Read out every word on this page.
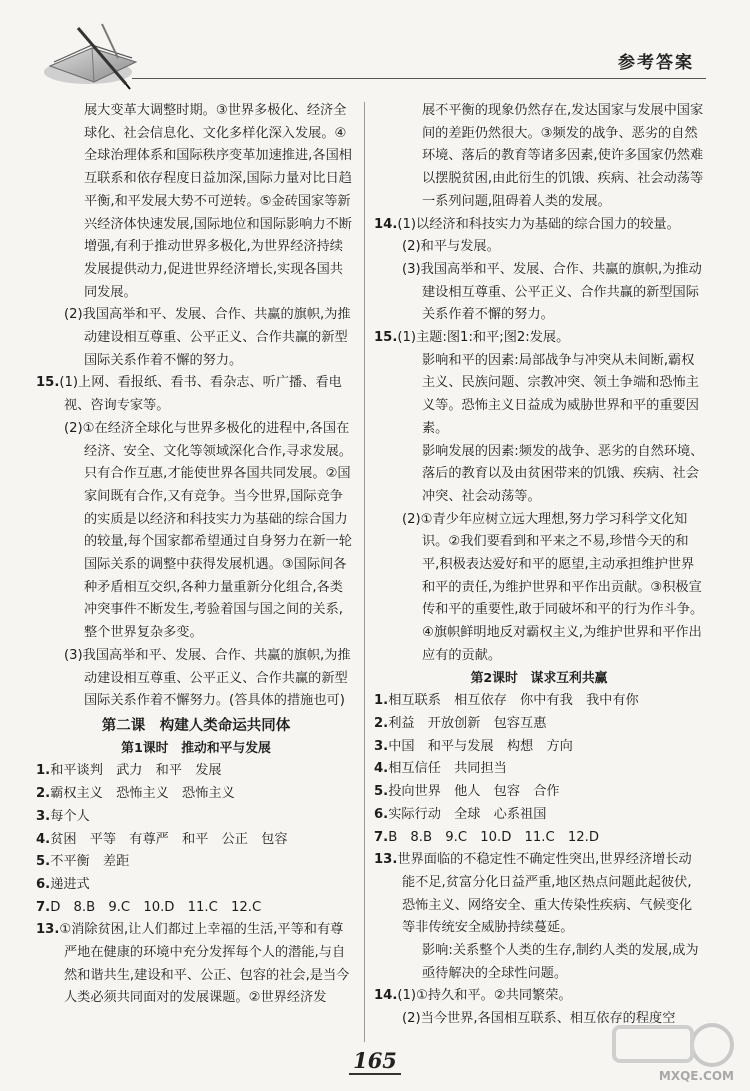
参考答案
展大变革大调整时期。③世界多极化、经济全球化、社会信息化、文化多样化深入发展。④全球治理体系和国际秩序变革加速推进,各国相互联系和依存程度日益加深,国际力量对比日趋平衡,和平发展大势不可逆转。⑤金砖国家等新兴经济体快速发展,国际地位和国际影响力不断增强,有利于推动世界多极化,为世界经济持续发展提供动力,促进世界经济增长,实现各国共同发展。
(2)我国高举和平、发展、合作、共赢的旗帜,为推动建设相互尊重、公平正义、合作共赢的新型国际关系作着不懈的努力。
15.(1)上网、看报纸、看书、看杂志、听广播、看电视、咨询专家等。
(2)①在经济全球化与世界多极化的进程中,各国在经济、安全、文化等领域深化合作,寻求发展。只有合作互惠,才能使世界各国共同发展。②国家间既有合作,又有竞争。当今世界,国际竞争的实质是以经济和科技实力为基础的综合国力的较量,每个国家都希望通过自身努力在新一轮国际关系的调整中获得发展机遇。③国际间各种矛盾相互交织,各种力量重新分化组合,各类冲突事件不断发生,考验着国与国之间的关系,整个世界复杂多变。
(3)我国高举和平、发展、合作、共赢的旗帜,为推动建设相互尊重、公平正义、合作共赢的新型国际关系作着不懈努力。(答具体的措施也可)
第二课　构建人类命运共同体
第1课时　推动和平与发展
1.和平谈判　武力　和平　发展
2.霸权主义　恐怖主义　恐怖主义
3.每个人
4.贫困　平等　有尊严　和平　公正　包容
5.不平衡　差距
6.递进式
7.D　8.B　9.C　10.D　11.C　12.C
13.①消除贫困,让人们都过上幸福的生活,平等和有尊严地在健康的环境中充分发挥每个人的潜能,与自然和谐共生,建设和平、公正、包容的社会,是当今人类必须共同面对的发展课题。②世界经济发
展不平衡的现象仍然存在,发达国家与发展中国家间的差距仍然很大。③频发的战争、恶劣的自然环境、落后的教育等诸多因素,使许多国家仍然难以摆脱贫困,由此衍生的饥饿、疾病、社会动荡等一系列问题,阻碍着人类的发展。
14.(1)以经济和科技实力为基础的综合国力的较量。
(2)和平与发展。
(3)我国高举和平、发展、合作、共赢的旗帜,为推动建设相互尊重、公平正义、合作共赢的新型国际关系作着不懈的努力。
15.(1)主题:图1:和平;图2:发展。
影响和平的因素:局部战争与冲突从未间断,霸权主义、民族问题、宗教冲突、领土争端和恐怖主义等。恐怖主义日益成为威胁世界和平的重要因素。
影响发展的因素:频发的战争、恶劣的自然环境、落后的教育以及由贫困带来的饥饿、疾病、社会冲突、社会动荡等。
(2)①青少年应树立远大理想,努力学习科学文化知识。②我们要看到和平来之不易,珍惜今天的和平,积极表达爱好和平的愿望,主动承担维护世界和平的责任,为维护世界和平作出贡献。③积极宣传和平的重要性,敢于同破坏和平的行为作斗争。④旗帜鲜明地反对霸权主义,为维护世界和平作出应有的贡献。
第2课时　谋求互利共赢
1.相互联系　相互依存　你中有我　我中有你
2.利益　开放创新　包容互惠
3.中国　和平与发展　构想　方向
4.相互信任　共同担当
5.投向世界　他人　包容　合作
6.实际行动　全球　心系祖国
7.B　8.B　9.C　10.D　11.C　12.D
13.世界面临的不稳定性不确定性突出,世界经济增长动能不足,贫富分化日益严重,地区热点问题此起彼伏,恐怖主义、网络安全、重大传染性疾病、气候变化等非传统安全威胁持续蔓延。
影响:关系整个人类的生存,制约人类的发展,成为亟待解决的全球性问题。
14.(1)①持久和平。②共同繁荣。
(2)当今世界,各国相互联系、相互依存的程度空
165
MXQE.COM
